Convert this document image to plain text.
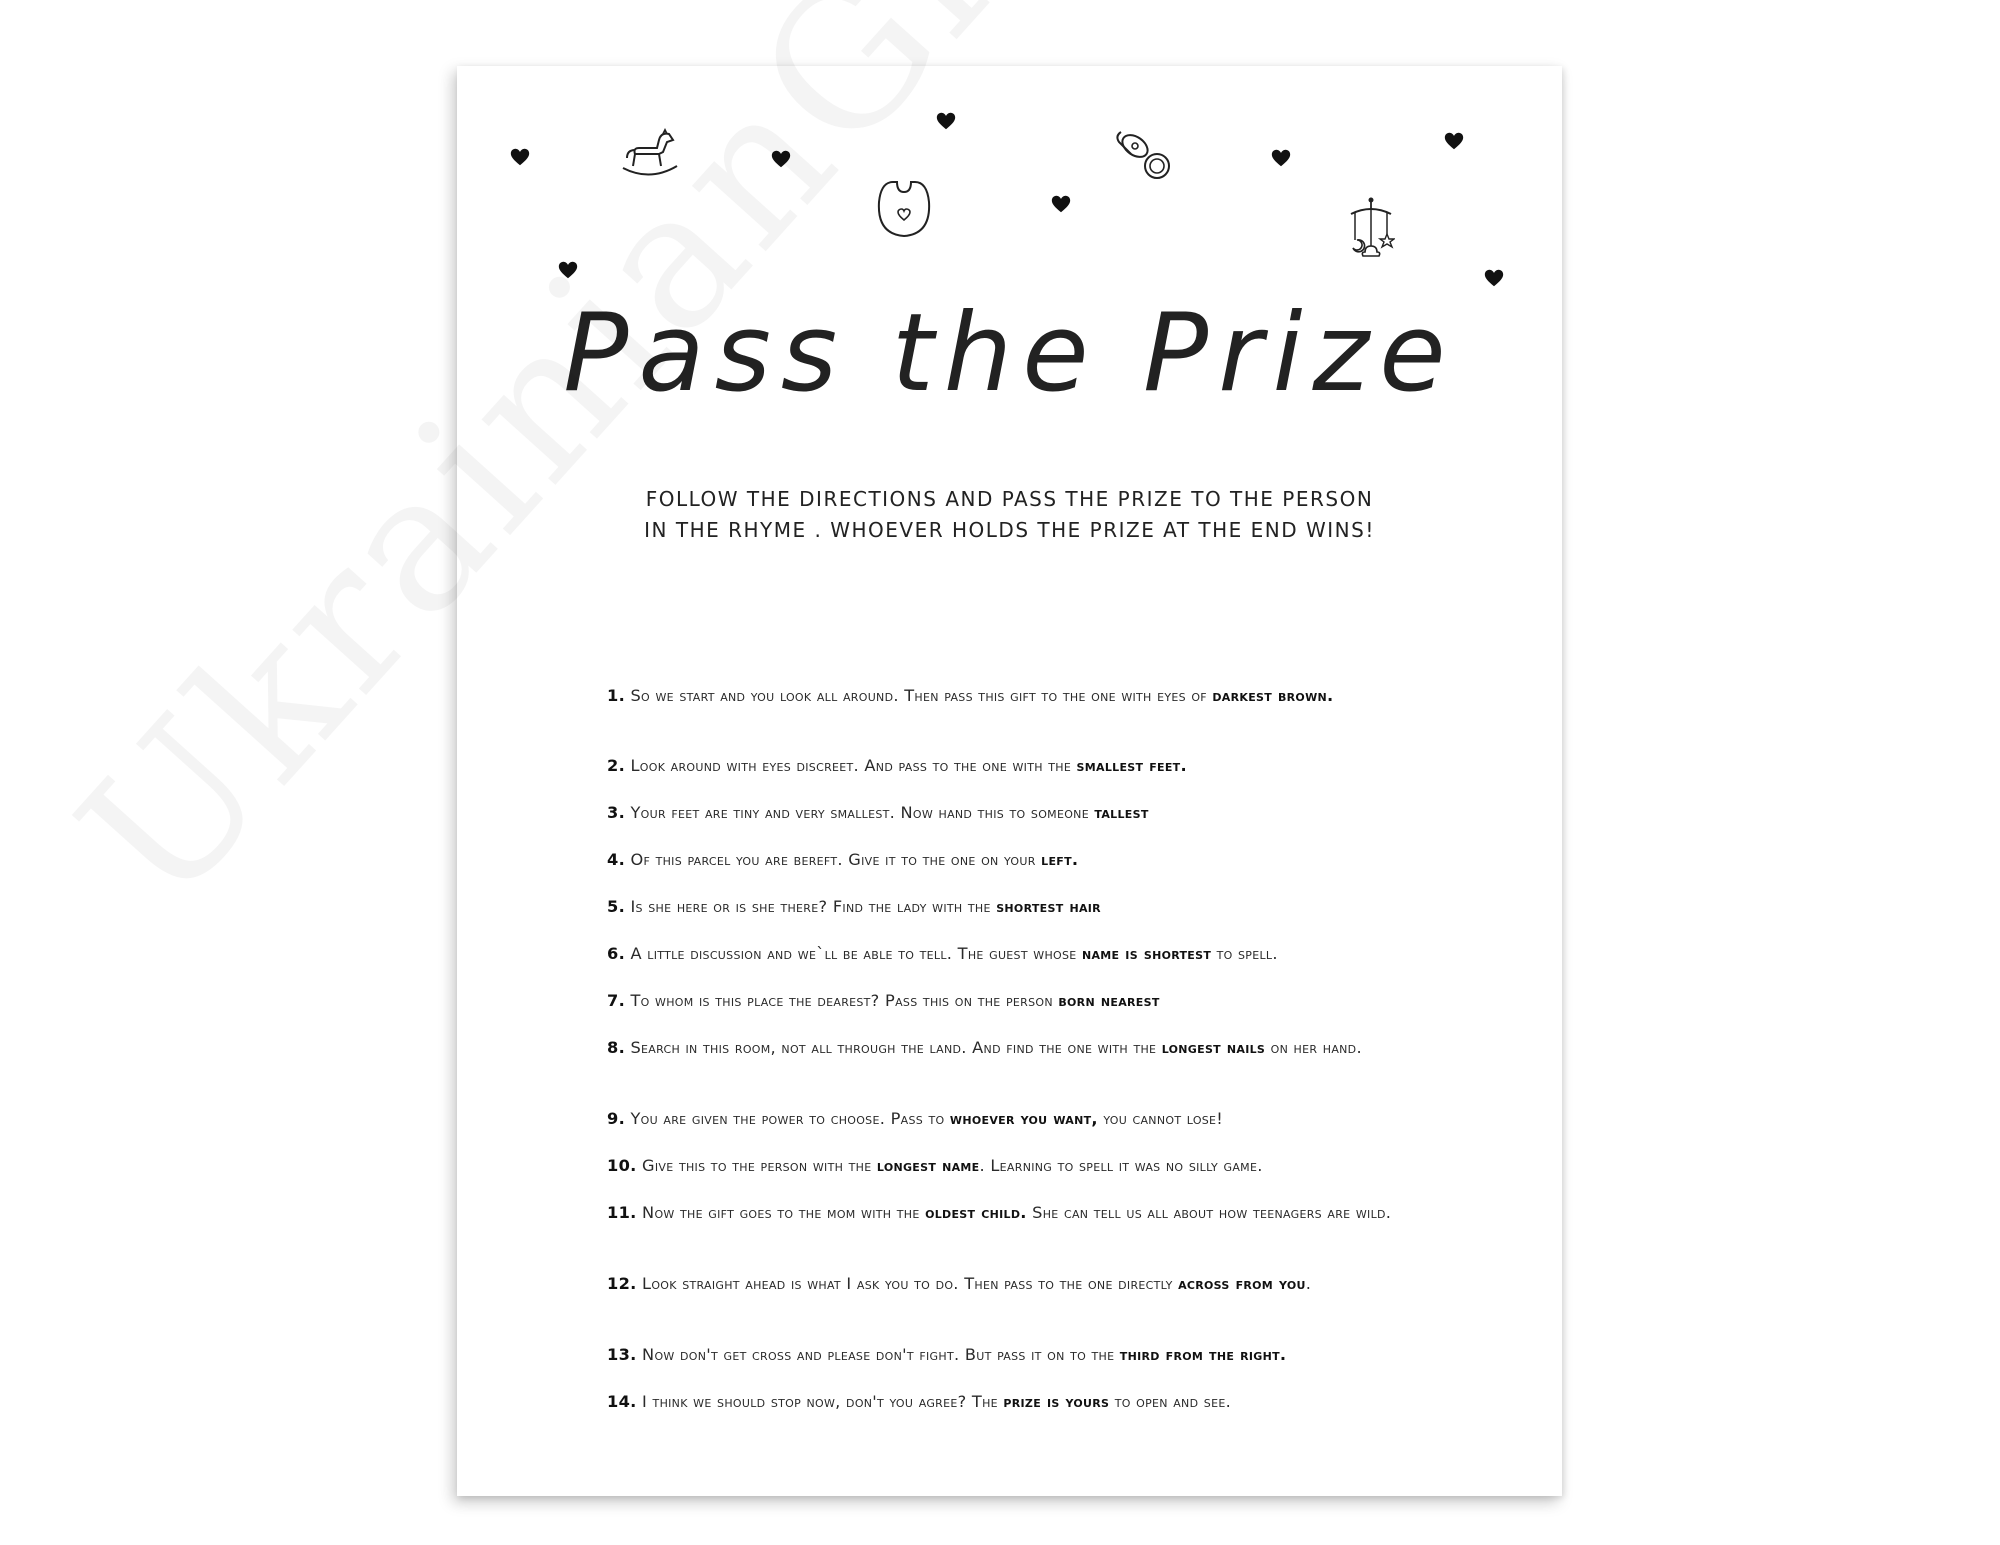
Pass the Prize
FOLLOW THE DIRECTIONS AND PASS THE PRIZE TO THE PERSON
IN THE RHYME . WHOEVER HOLDS THE PRIZE AT THE END WINS!
1. So we start and you look all around. Then pass this gift to the one with eyes of darkest brown.
2. Look around with eyes discreet. And pass to the one with the smallest feet.
3. Your feet are tiny and very smallest. Now hand this to someone tallest
4. Of this parcel you are bereft. Give it to the one on your left.
5. Is she here or is she there? Find the lady with the shortest hair
6. A little discussion and we`ll be able to tell. The guest whose name is shortest to spell.
7. To whom is this place the dearest? Pass this on the person born nearest
8. Search in this room, not all through the land. And find the one with the longest nails on her hand.
9. You are given the power to choose. Pass to whoever you want, you cannot lose!
10. Give this to the person with the longest name. Learning to spell it was no silly game.
11. Now the gift goes to the mom with the oldest child. She can tell us all about how teenagers are wild.
12. Look straight ahead is what I ask you to do. Then pass to the one directly across from you.
13. Now don't get cross and please don't fight. But pass it on to the third from the right.
14. I think we should stop now, don't you agree? The prize is yours to open and see.
